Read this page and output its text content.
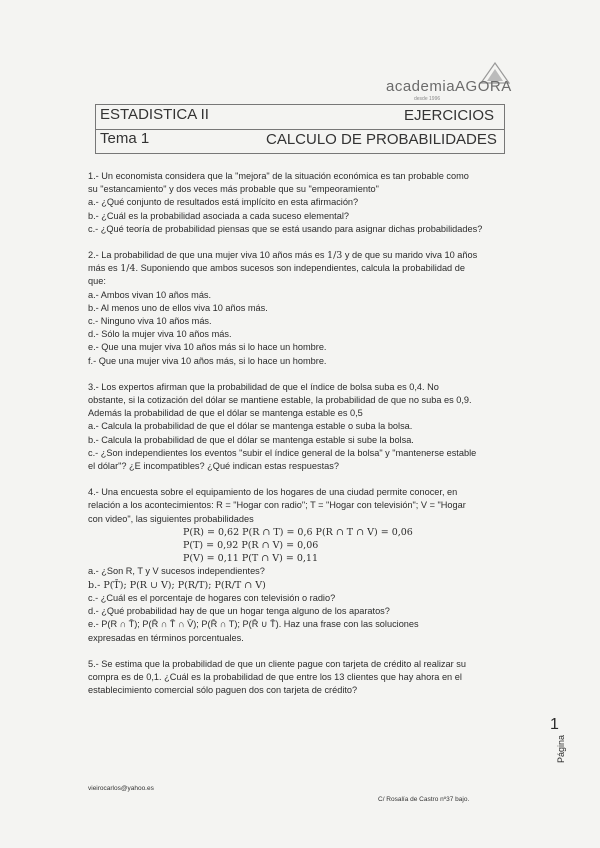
academiaAGORA
desde 1996
ESTADISTICA II	EJERCICIOS
Tema 1	CALCULO DE PROBABILIDADES

1.- Un economista considera que la "mejora" de la situación económica es tan probable como

su "estancamiento" y dos veces más probable que su "empeoramiento"

a.- ¿Qué conjunto de resultados está implícito en esta afirmación?

b.- ¿Cuál es la probabilidad asociada a cada suceso elemental?

c.- ¿Qué teoría de probabilidad piensas que se está usando para asignar dichas probabilidades?

2.- La probabilidad de que una mujer viva 10 años más es 1/3 y de que su marido viva 10 años

más es 1/4. Suponiendo que ambos sucesos son independientes, calcula la probabilidad de

que:

a.- Ambos vivan 10 años más.

b.- Al menos uno de ellos viva 10 años más.

c.- Ninguno viva 10 años más.

d.- Sólo la mujer viva 10 años más.

e.- Que una mujer viva 10 años más si lo hace un hombre.

f.- Que una mujer viva 10 años más, si lo hace un hombre.

3.- Los expertos afirman que la probabilidad de que el índice de bolsa suba es 0,4. No

obstante, si la cotización del dólar se mantiene estable, la probabilidad de que no suba es 0,9.

Además la probabilidad de que el dólar se mantenga estable es 0,5

a.- Calcula la probabilidad de que el dólar se mantenga estable o suba la bolsa.

b.- Calcula la probabilidad de que el dólar se mantenga estable si sube la bolsa.

c.- ¿Son independientes los eventos "subir el índice general de la bolsa" y "mantenerse estable

el dólar"? ¿E incompatibles? ¿Qué indican estas respuestas?

4.- Una encuesta sobre el equipamiento de los hogares de una ciudad permite conocer, en

relación a los acontecimientos: R = "Hogar con radio"; T = "Hogar con televisión"; V = "Hogar

con video", las siguientes probabilidades

P(R) = 0,62 P(R ∩ T) = 0,6 P(R ∩ T ∩ V) = 0,06

P(T) = 0,92 P(R ∩ V) = 0,06

P(V) = 0,11 P(T ∩ V) = 0,11

a.- ¿Son R, T y V sucesos independientes?

b.- P(T̄); P(R ∪ V); P(R/T); P(R/T ∩ V)

c.- ¿Cuál es el porcentaje de hogares con televisión o radio?

d.- ¿Qué probabilidad hay de que un hogar tenga alguno de los aparatos?

e.- P(R ∩ T̄); P(R̄ ∩ T̄ ∩ V̄); P(R̄ ∩ T); P(R̄ ∪ T̄). Haz una frase con las soluciones

expresadas en términos porcentuales.

5.- Se estima que la probabilidad de que un cliente pague con tarjeta de crédito al realizar su

compra es de 0,1. ¿Cuál es la probabilidad de que entre los 13 clientes que hay ahora en el

establecimiento comercial sólo paguen dos con tarjeta de crédito?

vieirocarlos@yahoo.es
C/ Rosalía de Castro nº37 bajo.
Página
1
